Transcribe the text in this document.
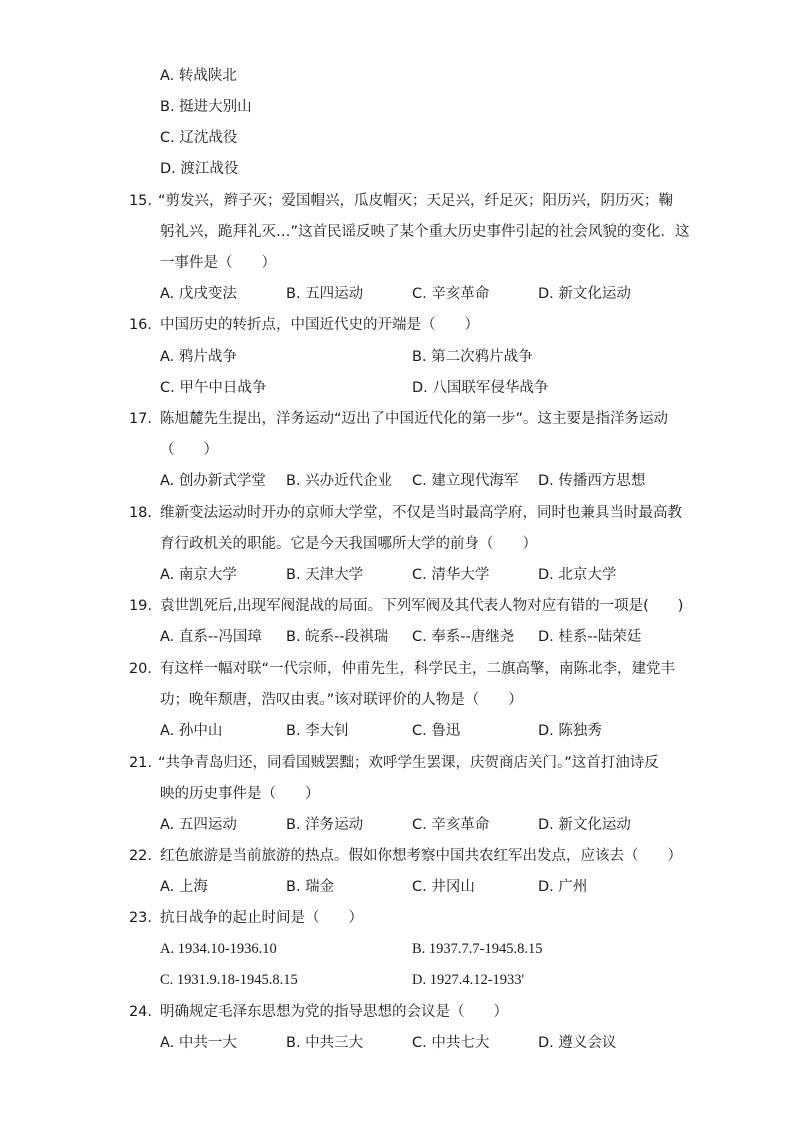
A. 转战陕北
B. 挺进大别山
C. 辽沈战役
D. 渡江战役
15. “剪发兴，辫子灭；爱国帽兴，瓜皮帽灭；天足兴，纤足灭；阳历兴，阴历灭；鞠
躬礼兴，跪拜礼灭…”这首民谣反映了某个重大历史事件引起的社会风貌的变化．这
一事件是（　　）
A. 戊戌变法	B. 五四运动	C. 辛亥革命	D. 新文化运动
16. 中国历史的转折点，中国近代史的开端是（　　）
A. 鸦片战争	B. 第二次鸦片战争
C. 甲午中日战争	D. 八国联军侵华战争
17. 陈旭麓先生提出，洋务运动“迈出了中国近代化的第一步”。这主要是指洋务运动
（　　）
A. 创办新式学堂 B. 兴办近代企业 C. 建立现代海军 D. 传播西方思想
18. 维新变法运动时开办的京师大学堂，不仅是当时最高学府，同时也兼具当时最高教
育行政机关的职能。它是今天我国哪所大学的前身（　　）
A. 南京大学	B. 天津大学	C. 清华大学	D. 北京大学
19. 袁世凯死后,出现军阀混战的局面。下列军阀及其代表人物对应有错的一项是(　　)
A. 直系--冯国璋 B. 皖系--段祺瑞 C. 奉系--唐继尧 D. 桂系--陆荣廷
20. 有这样一幅对联“一代宗师，仲甫先生，科学民主，二旗高擎，南陈北李，建党丰
功；晚年颓唐，浩叹由衷。”该对联评价的人物是（　　）
A. 孙中山	B. 李大钊	C. 鲁迅	D. 陈独秀
21. “共争青岛归还，同看国贼罢黜；欢呼学生罢课，庆贺商店关门。”这首打油诗反
映的历史事件是（　　）
A. 五四运动	B. 洋务运动	C. 辛亥革命	D. 新文化运动
22. 红色旅游是当前旅游的热点。假如你想考察中国共农红军出发点，应该去（　　）
A. 上海	B. 瑞金	C. 井冈山	D. 广州
23. 抗日战争的起止时间是（　　）
A. 1934.10-1936.10	B. 1937.7.7-1945.8.15
C. 1931.9.18-1945.8.15	D. 1927.4.12-1933'
24. 明确规定毛泽东思想为党的指导思想的会议是（　　）
A. 中共一大	B. 中共三大	C. 中共七大	D. 遵义会议
